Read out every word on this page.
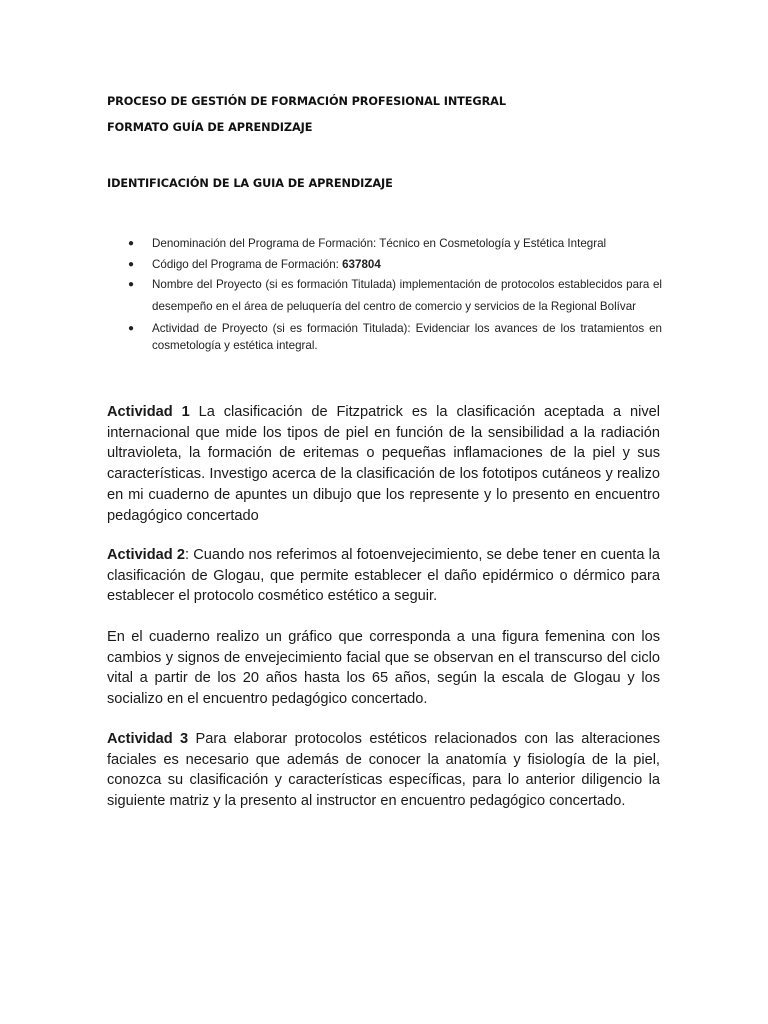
PROCESO DE GESTIÓN DE FORMACIÓN PROFESIONAL INTEGRAL
FORMATO GUÍA DE APRENDIZAJE
IDENTIFICACIÓN DE LA GUIA DE APRENDIZAJE
● Denominación del Programa de Formación: Técnico en Cosmetología y Estética Integral
● Código del Programa de Formación: 637804
● Nombre del Proyecto (si es formación Titulada) implementación de protocolos establecidos para el desempeño en el área de peluquería del centro de comercio y servicios de la Regional Bolívar
● Actividad de Proyecto (si es formación Titulada): Evidenciar los avances de los tratamientos en cosmetología y estética integral.

Actividad 1 La clasificación de Fitzpatrick es la clasificación aceptada a nivel internacional que mide los tipos de piel en función de la sensibilidad a la radiación ultravioleta, la formación de eritemas o pequeñas inflamaciones de la piel y sus características. Investigo acerca de la clasificación de los fototipos cutáneos y realizo en mi cuaderno de apuntes un dibujo que los represente y lo presento en encuentro pedagógico concertado

Actividad 2: Cuando nos referimos al fotoenvejecimiento, se debe tener en cuenta la clasificación de Glogau, que permite establecer el daño epidérmico o dérmico para establecer el protocolo cosmético estético a seguir.

En el cuaderno realizo un gráfico que corresponda a una figura femenina con los cambios y signos de envejecimiento facial que se observan en el transcurso del ciclo vital a partir de los 20 años hasta los 65 años, según la escala de Glogau y los socializo en el encuentro pedagógico concertado.

Actividad 3 Para elaborar protocolos estéticos relacionados con las alteraciones faciales es necesario que además de conocer la anatomía y fisiología de la piel, conozca su clasificación y características específicas, para lo anterior diligencio la siguiente matriz y la presento al instructor en encuentro pedagógico concertado.
